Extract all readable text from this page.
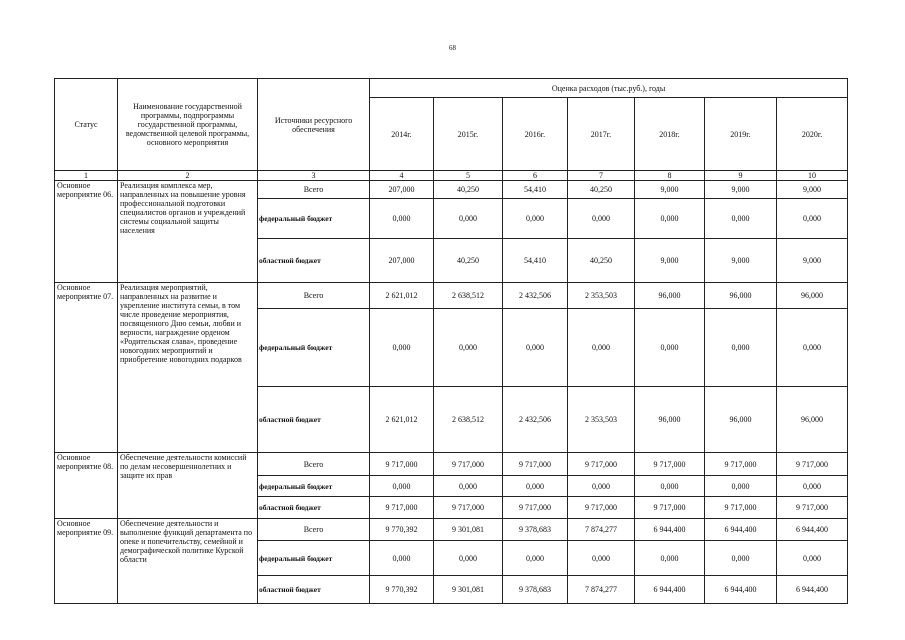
68
Статус	Наименование государственной программы, подпрограммы государственной программы, ведомственной целевой программы, основного мероприятия	Источники ресурсного обеспечения	Оценка расходов (тыс.руб.), годы						
			2014г.	2015г.	2016г.	2017г.	2018г.	2019г.	2020г.
1	2	3	4	5	6	7	8	9	10
Основное мероприятие 06.	Реализация комплекса мер, направленных на повышение уровня профессиональной подготовки специалистов органов и учреждений системы социальной защиты населения	Всего	207,000	40,250	54,410	40,250	9,000	9,000	9,000
		федеральный бюджет	0,000	0,000	0,000	0,000	0,000	0,000	0,000
		областной бюджет	207,000	40,250	54,410	40,250	9,000	9,000	9,000
Основное мероприятие 07.	Реализация мероприятий, направленных на развитие и укрепление института семьи, в том числе проведение мероприятия, посвященного Дню семьи, любви и верности, награждение орденом «Родительская слава», проведение новогодних мероприятий и приобретение новогодних подарков	Всего	2 621,012	2 638,512	2 432,506	2 353,503	96,000	96,000	96,000
		федеральный бюджет	0,000	0,000	0,000	0,000	0,000	0,000	0,000
		областной бюджет	2 621,012	2 638,512	2 432,506	2 353,503	96,000	96,000	96,000
Основное мероприятие 08.	Обеспечение деятельности комиссий по делам несовершеннолетних и защите их прав	Всего	9 717,000	9 717,000	9 717,000	9 717,000	9 717,000	9 717,000	9 717,000
		федеральный бюджет	0,000	0,000	0,000	0,000	0,000	0,000	0,000
		областной бюджет	9 717,000	9 717,000	9 717,000	9 717,000	9 717,000	9 717,000	9 717,000
Основное мероприятие 09.	Обеспечение деятельности и выполнение функций департамента по опеке и попечительству, семейной и демографической политике Курской области	Всего	9 770,392	9 301,081	9 378,683	7 874,277	6 944,400	6 944,400	6 944,400
		федеральный бюджет	0,000	0,000	0,000	0,000	0,000	0,000	0,000
		областной бюджет	9 770,392	9 301,081	9 378,683	7 874,277	6 944,400	6 944,400	6 944,400
